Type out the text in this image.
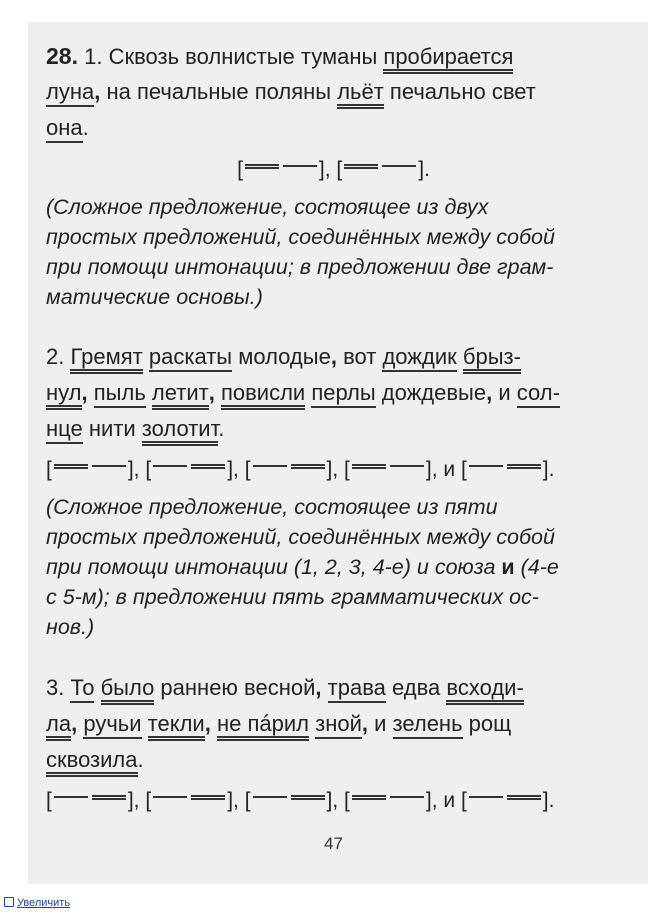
28. 1. Сквозь волнистые туманы пробирается
луна, на печальные поляны льёт печально свет
она.
[	], [	].
(Сложное предложение, состоящее из двух
простых предложений, соединённых между собой
при помощи интонации; в предложении две грам-
матические основы.)
2. Гремят раскаты молодые, вот дождик брыз-
нул, пыль летит, повисли перлы дождевые, и сол-
нце нити золотит.
[	], [	], [	], [	], и [	].
(Сложное предложение, состоящее из пяти
простых предложений, соединённых между собой
при помощи интонации (1, 2, 3, 4-е) и союза и (4-е
с 5-м); в предложении пять грамматических ос-
нов.)
3. То было раннею весной, трава едва всходи-
ла, ручьи текли, не пáрил зной, и зелень рощ
сквозила.
[	], [	], [	], [	], и [	].
47
Увеличить
